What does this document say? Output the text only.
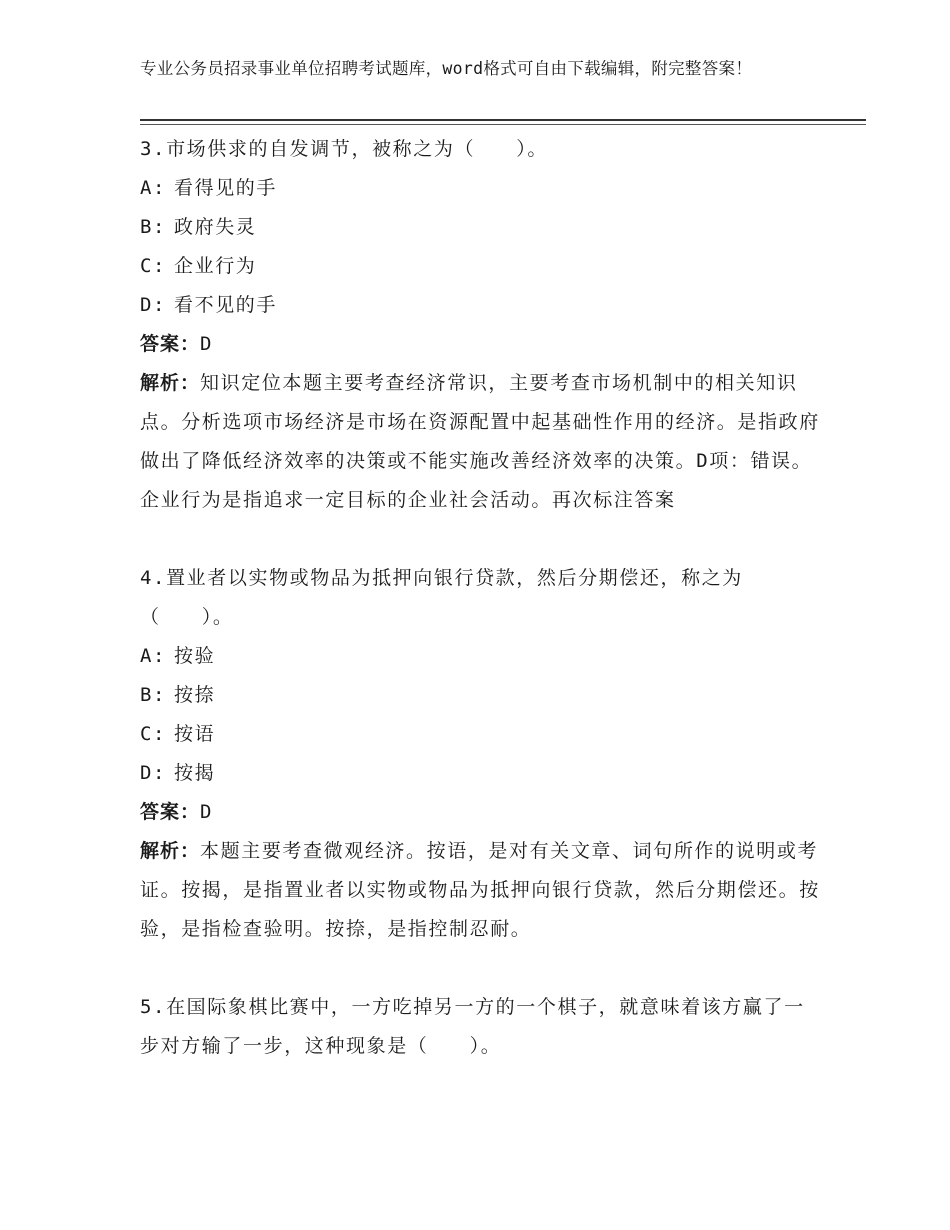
专业公务员招录事业单位招聘考试题库，word格式可自由下载编辑，附完整答案！

3.市场供求的自发调节，被称之为（　　）。

A: 看得见的手

B: 政府失灵

C: 企业行为

D: 看不见的手

答案：D

解析：知识定位本题主要考查经济常识，主要考查市场机制中的相关知识点。分析选项市场经济是市场在资源配置中起基础性作用的经济。是指政府做出了降低经济效率的决策或不能实施改善经济效率的决策。D项：错误。企业行为是指追求一定目标的企业社会活动。再次标注答案

4.置业者以实物或物品为抵押向银行贷款，然后分期偿还，称之为（　　）。

A: 按验

B: 按捺

C: 按语

D: 按揭

答案：D

解析：本题主要考查微观经济。按语，是对有关文章、词句所作的说明或考证。按揭，是指置业者以实物或物品为抵押向银行贷款，然后分期偿还。按验，是指检查验明。按捺，是指控制忍耐。

5.在国际象棋比赛中，一方吃掉另一方的一个棋子，就意味着该方赢了一步对方输了一步，这种现象是（　　）。
